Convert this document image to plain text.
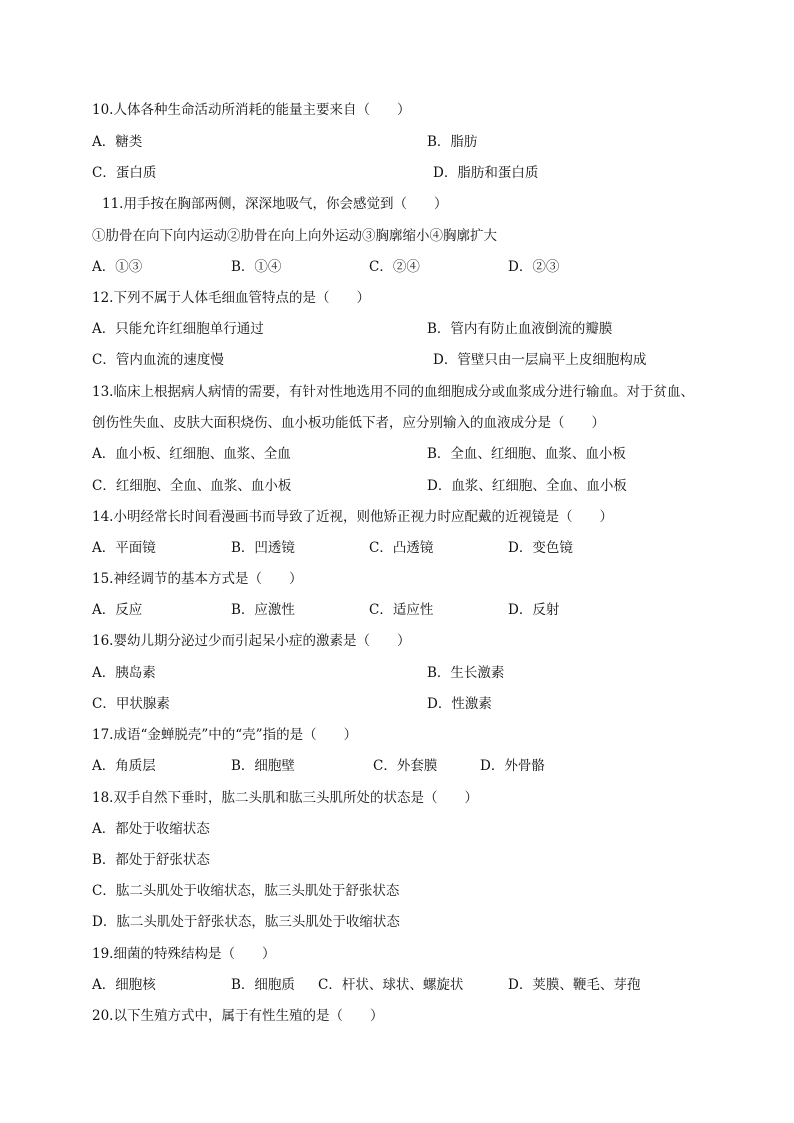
10.人体各种生命活动所消耗的能量主要来自（　　）
A．糖类	B．脂肪
C．蛋白质	D．脂肪和蛋白质
11.用手按在胸部两侧，深深地吸气，你会感觉到（　　）
①肋骨在向下向内运动②肋骨在向上向外运动③胸廓缩小④胸廓扩大
A．①③	B．①④	C．②④	D．②③
12.下列不属于人体毛细血管特点的是（　　）
A．只能允许红细胞单行通过	B．管内有防止血液倒流的瓣膜
C．管内血流的速度慢	D．管壁只由一层扁平上皮细胞构成
13.临床上根据病人病情的需要，有针对性地选用不同的血细胞成分或血浆成分进行输血。对于贫血、
创伤性失血、皮肤大面积烧伤、血小板功能低下者，应分别输入的血液成分是（　　）
A．血小板、红细胞、血浆、全血	B．全血、红细胞、血浆、血小板
C．红细胞、全血、血浆、血小板	D．血浆、红细胞、全血、血小板
14.小明经常长时间看漫画书而导致了近视，则他矫正视力时应配戴的近视镜是（　　）
A．平面镜	B．凹透镜	C．凸透镜	D．变色镜
15.神经调节的基本方式是（　　）
A．反应	B．应激性	C．适应性	D．反射
16.婴幼儿期分泌过少而引起呆小症的激素是（　　）
A．胰岛素	B．生长激素
C．甲状腺素	D．性激素
17.成语“金蝉脱壳”中的“壳”指的是（　　）
A．角质层	B．细胞壁	C．外套膜	D．外骨骼
18.双手自然下垂时，肱二头肌和肱三头肌所处的状态是（　　）
A．都处于收缩状态
B．都处于舒张状态
C．肱二头肌处于收缩状态，肱三头肌处于舒张状态
D．肱二头肌处于舒张状态，肱三头肌处于收缩状态
19.细菌的特殊结构是（　　）
A．细胞核	B．细胞质 C．杆状、球状、螺旋状	D．荚膜、鞭毛、芽孢
20.以下生殖方式中，属于有性生殖的是（　　）
